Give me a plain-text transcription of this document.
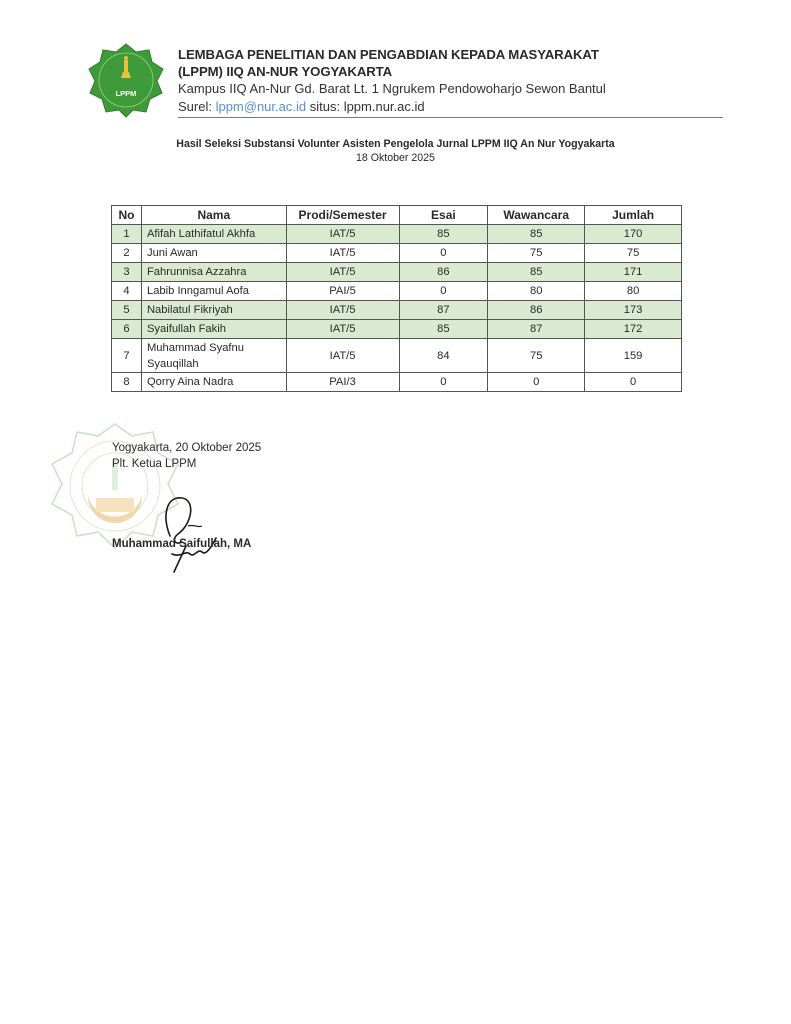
LPPM
LEMBAGA PENELITIAN DAN PENGABDIAN KEPADA MASYARAKAT
(LPPM) IIQ AN-NUR YOGYAKARTA
Kampus IIQ An-Nur Gd. Barat Lt. 1 Ngrukem Pendowoharjo Sewon Bantul
Surel: lppm@nur.ac.id situs: lppm.nur.ac.id
Hasil Seleksi Substansi Volunter Asisten Pengelola Jurnal LPPM IIQ An Nur Yogyakarta
18 Oktober 2025
No	Nama	Prodi/Semester	Esai	Wawancara	Jumlah
1	Afifah Lathifatul Akhfa	IAT/5	85	85	170
2	Juni Awan	IAT/5	0	75	75
3	Fahrunnisa Azzahra	IAT/5	86	85	171
4	Labib Inngamul Aofa	PAI/5	0	80	80
5	Nabilatul Fikriyah	IAT/5	87	86	173
6	Syaifullah Fakih	IAT/5	85	87	172
7	Muhammad Syafnu
Syauqillah	IAT/5	84	75	159
8	Qorry Aina Nadra	PAI/3	0	0	0
Yogyakarta, 20 Oktober 2025
Plt. Ketua LPPM
Muhammad Saifullah, MA
